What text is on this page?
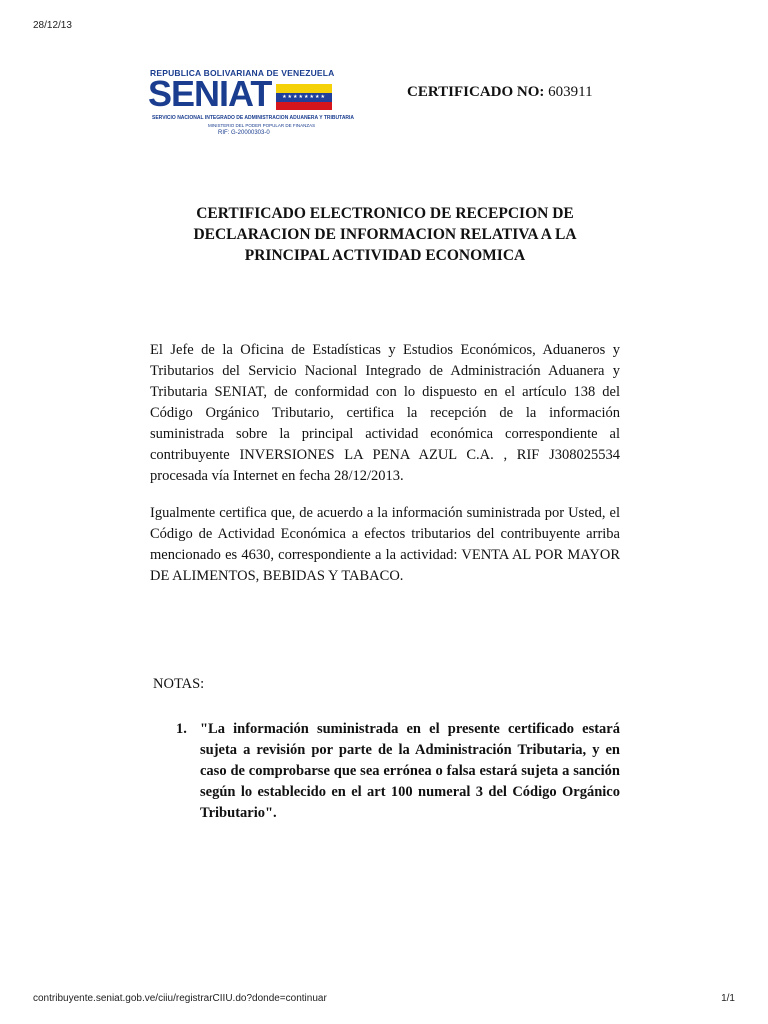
28/12/13
REPUBLICA BOLIVARIANA DE VENEZUELA
SENIAT	★★★★★★★★
SERVICIO NACIONAL INTEGRADO DE ADMINISTRACION ADUANERA Y TRIBUTARIA
MINISTERIO DEL PODER POPULAR DE FINANZAS
RIF: G-20000303-0
CERTIFICADO NO: 603911
CERTIFICADO ELECTRONICO DE RECEPCION DE
DECLARACION DE INFORMACION RELATIVA A LA
PRINCIPAL ACTIVIDAD ECONOMICA
El Jefe de la Oficina de Estadísticas y Estudios Económicos, Aduaneros y Tributarios del Servicio Nacional Integrado de Administración Aduanera y Tributaria SENIAT, de conformidad con lo dispuesto en el artículo 138 del Código Orgánico Tributario, certifica la recepción de la información suministrada sobre la principal actividad económica correspondiente al contribuyente INVERSIONES LA PENA AZUL C.A. , RIF J308025534 procesada vía Internet en fecha 28/12/2013.
Igualmente certifica que, de acuerdo a la información suministrada por Usted, el Código de Actividad Económica a efectos tributarios del contribuyente arriba mencionado es 4630, correspondiente a la actividad: VENTA AL POR MAYOR DE ALIMENTOS, BEBIDAS Y TABACO.
NOTAS:
1. "La información suministrada en el presente certificado estará sujeta a revisión por parte de la Administración Tributaria, y en caso de comprobarse que sea errónea o falsa estará sujeta a sanción según lo establecido en el art 100 numeral 3 del Código Orgánico Tributario".
contribuyente.seniat.gob.ve/ciiu/registrarCIIU.do?donde=continuar	1/1
